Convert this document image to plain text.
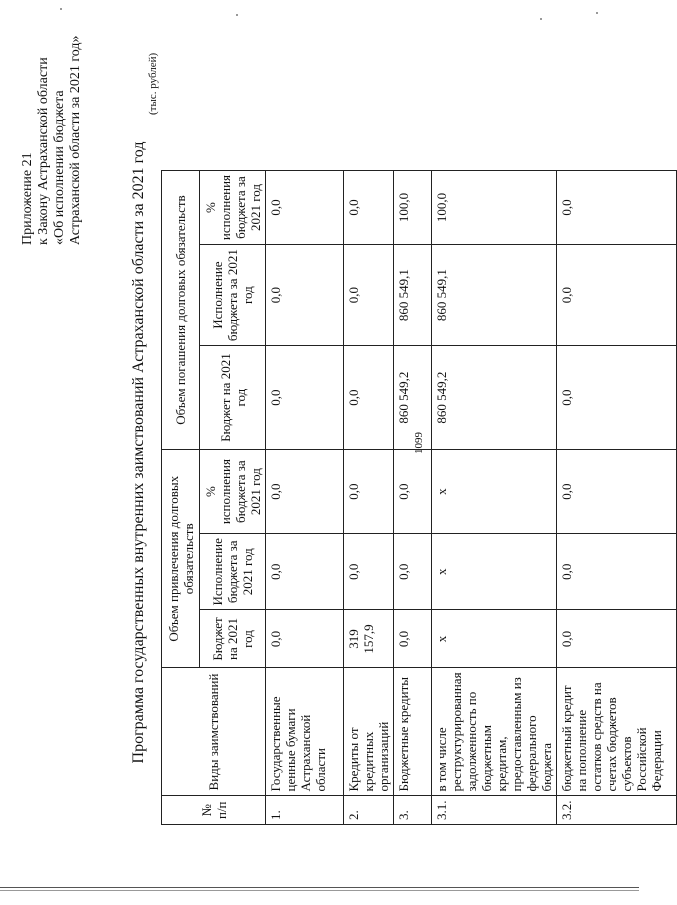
1099
Приложение 21 к Закону Астраханской области «Об исполнении бюджета Астраханской области за 2021 год»
Программа государственных внутренних заимствований Астраханской области за 2021 год
(тыс. рублей)
№ п/п	Виды заимствований	Объем привлечения долговых обязательств			Объем погашения долговых обязательств		
		Бюджет на 2021 год	Исполнение бюджета за 2021 год	% исполнения бюджета за 2021 год	Бюджет на 2021 год	Исполнение бюджета за 2021 год	% исполнения бюджета за 2021 год
1.	Государственные ценные бумаги Астраханской области	0,0	0,0	0,0	0,0	0,0	0,0
2.	Кредиты от кредитных организаций	319 157,9	0,0	0,0	0,0	0,0	0,0
3.	Бюджетные кредиты	0,0	0,0	0,0	860 549,2	860 549,1	100,0
3.1.	в том числе реструктурированная задолженность по бюджетным кредитам, предоставленным из федерального бюджета	x	x	x	860 549,2	860 549,1	100,0
3.2.	бюджетный кредит на пополнение остатков средств на счетах бюджетов субъектов Российской Федерации	0,0	0,0	0,0	0,0	0,0	0,0
